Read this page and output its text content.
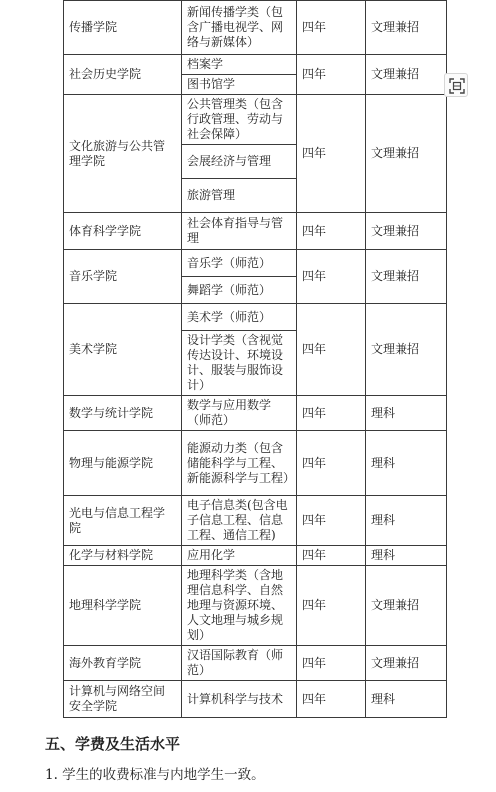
传播学院	新闻传播学类（包含广播电视学、网络与新媒体）	四年	文理兼招

社会历史学院	档案学	四年	文理兼招

	图书馆学		

文化旅游与公共管理学院	公共管理类（包含行政管理、劳动与社会保障）	四年	文理兼招

	会展经济与管理		

	旅游管理		

体育科学学院	社会体育指导与管理	四年	文理兼招

音乐学院	音乐学（师范）	四年	文理兼招

	舞蹈学（师范）		

美术学院	美术学（师范）	四年	文理兼招

	设计学类（含视觉传达设计、环境设计、服装与服饰设计）		

数学与统计学院	数学与应用数学（师范）	四年	理科

物理与能源学院	能源动力类（包含储能科学与工程、新能源科学与工程）	四年	理科

光电与信息工程学院	电子信息类(包含电子信息工程、信息工程、通信工程)	四年	理科

化学与材料学院	应用化学	四年	理科

地理科学学院	地理科学类（含地理信息科学、自然地理与资源环境、人文地理与城乡规划）	四年	文理兼招

海外教育学院	汉语国际教育（师范）	四年	文理兼招

计算机与网络空间安全学院	计算机科学与技术	四年	理科
五、学费及生活水平
1. 学生的收费标准与内地学生一致。
